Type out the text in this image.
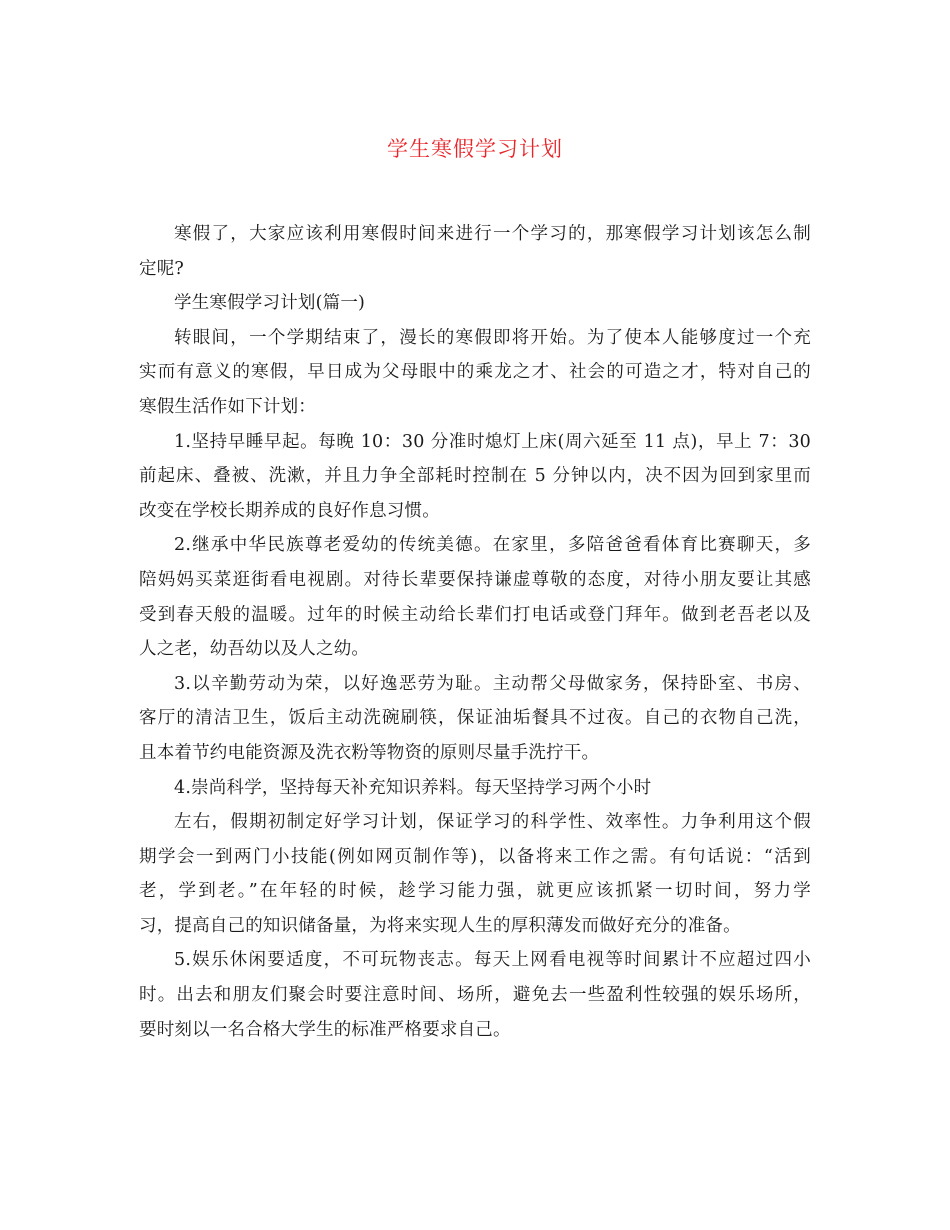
学生寒假学习计划
寒假了，大家应该利用寒假时间来进行一个学习的，那寒假学习计划该怎么制
定呢?
学生寒假学习计划(篇一)
转眼间，一个学期结束了，漫长的寒假即将开始。为了使本人能够度过一个充
实而有意义的寒假，早日成为父母眼中的乘龙之才、社会的可造之才，特对自己的
寒假生活作如下计划：
1.坚持早睡早起。每晚 10：30 分准时熄灯上床(周六延至 11 点)，早上 7：30
前起床、叠被、洗漱，并且力争全部耗时控制在 5 分钟以内，决不因为回到家里而
改变在学校长期养成的良好作息习惯。
2.继承中华民族尊老爱幼的传统美德。在家里，多陪爸爸看体育比赛聊天，多
陪妈妈买菜逛街看电视剧。对待长辈要保持谦虚尊敬的态度，对待小朋友要让其感
受到春天般的温暖。过年的时候主动给长辈们打电话或登门拜年。做到老吾老以及
人之老，幼吾幼以及人之幼。
3.以辛勤劳动为荣，以好逸恶劳为耻。主动帮父母做家务，保持卧室、书房、
客厅的清洁卫生，饭后主动洗碗刷筷，保证油垢餐具不过夜。自己的衣物自己洗，
且本着节约电能资源及洗衣粉等物资的原则尽量手洗拧干。
4.崇尚科学，坚持每天补充知识养料。每天坚持学习两个小时
左右，假期初制定好学习计划，保证学习的科学性、效率性。力争利用这个假
期学会一到两门小技能(例如网页制作等)，以备将来工作之需。有句话说：“活到
老，学到老。”在年轻的时候，趁学习能力强，就更应该抓紧一切时间，努力学
习，提高自己的知识储备量，为将来实现人生的厚积薄发而做好充分的准备。
5.娱乐休闲要适度，不可玩物丧志。每天上网看电视等时间累计不应超过四小
时。出去和朋友们聚会时要注意时间、场所，避免去一些盈利性较强的娱乐场所，
要时刻以一名合格大学生的标准严格要求自己。
